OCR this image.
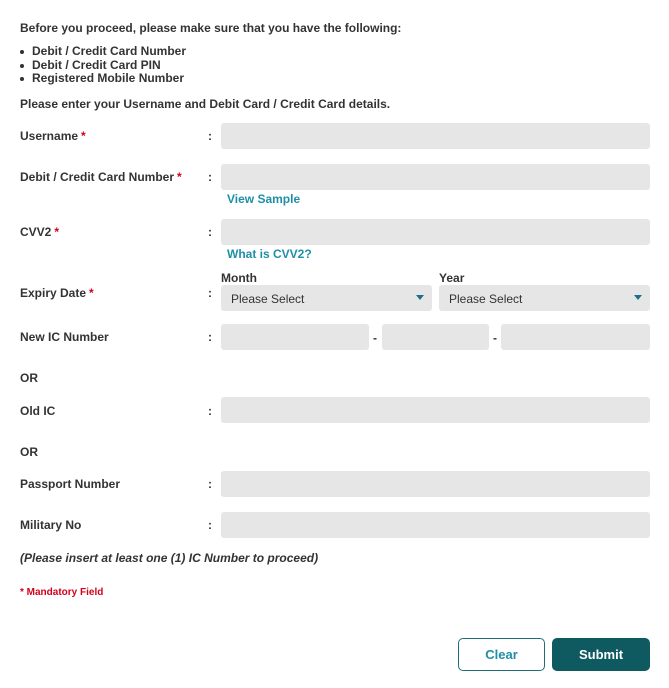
Before you proceed, please make sure that you have the following:
Debit / Credit Card Number
Debit / Credit Card PIN
Registered Mobile Number
Please enter your Username and Debit Card / Credit Card details.
Username *	:
Debit / Credit Card Number * :
View Sample
CVV2 *	:
What is CVV2?
Month	Year
Expiry Date *	: Please Select	Please Select
New IC Number	:	-	-
OR
Old IC	:
OR
Passport Number	:
Military No	:
(Please insert at least one (1) IC Number to proceed)
* Mandatory Field
Clear	Submit
